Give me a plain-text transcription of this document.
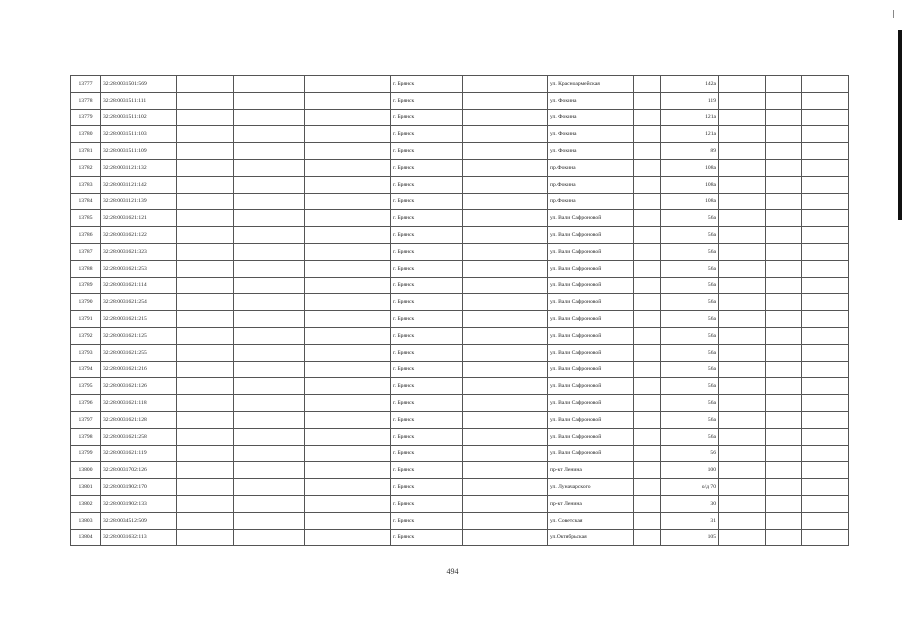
13777	32:28:0031501:569				г. Брянск		ул. Красноармейская		142а			
13778	32:28:0031511:111				г. Брянск		ул. Фокина		119			
13779	32:28:0031511:102				г. Брянск		ул. Фокина		121а			
13780	32:28:0031511:103				г. Брянск		ул. Фокина		121а			
13781	32:28:0031511:109				г. Брянск		ул. Фокина		89			
13782	32:28:0031121:132				г. Брянск		пр.Фокина		108а			
13783	32:28:0031121:142				г. Брянск		пр.Фокина		108а			
13784	32:28:0031121:139				г. Брянск		пр.Фокина		108а			
13785	32:28:0031621:121				г. Брянск		ул. Вали Сафроновой		56а			
13786	32:28:0031621:122				г. Брянск		ул. Вали Сафроновой		56а			
13787	32:28:0031621:323				г. Брянск		ул. Вали Сафроновой		56а			
13788	32:28:0031621:253				г. Брянск		ул. Вали Сафроновой		56а			
13789	32:28:0031621:114				г. Брянск		ул. Вали Сафроновой		56а			
13790	32:28:0031621:254				г. Брянск		ул. Вали Сафроновой		56а			
13791	32:28:0031621:215				г. Брянск		ул. Вали Сафроновой		56а			
13792	32:28:0031621:125				г. Брянск		ул. Вали Сафроновой		56а			
13793	32:28:0031621:255				г. Брянск		ул. Вали Сафроновой		56а			
13794	32:28:0031621:216				г. Брянск		ул. Вали Сафроновой		56а			
13795	32:28:0031621:126				г. Брянск		ул. Вали Сафроновой		56а			
13796	32:28:0031621:118				г. Брянск		ул. Вали Сафроновой		56а			
13797	32:28:0031621:128				г. Брянск		ул. Вали Сафроновой		56а			
13798	32:28:0031621:258				г. Брянск		ул. Вали Сафроновой		56а			
13799	32:28:0031621:119				г. Брянск		ул. Вали Сафроновой		56			
13800	32:28:0031702:126				г. Брянск		пр-кт Ленина		100			
13801	32:28:0031902:170				г. Брянск		ул. Луначарского		о/д 70			
13802	32:28:0031902:133				г. Брянск		пр-кт Ленина		30			
13803	32:28:0034512:509				г. Брянск		ул. Советская		31			
13804	32:28:0031632:113				г. Брянск		ул.Октябрьская		105			
494
